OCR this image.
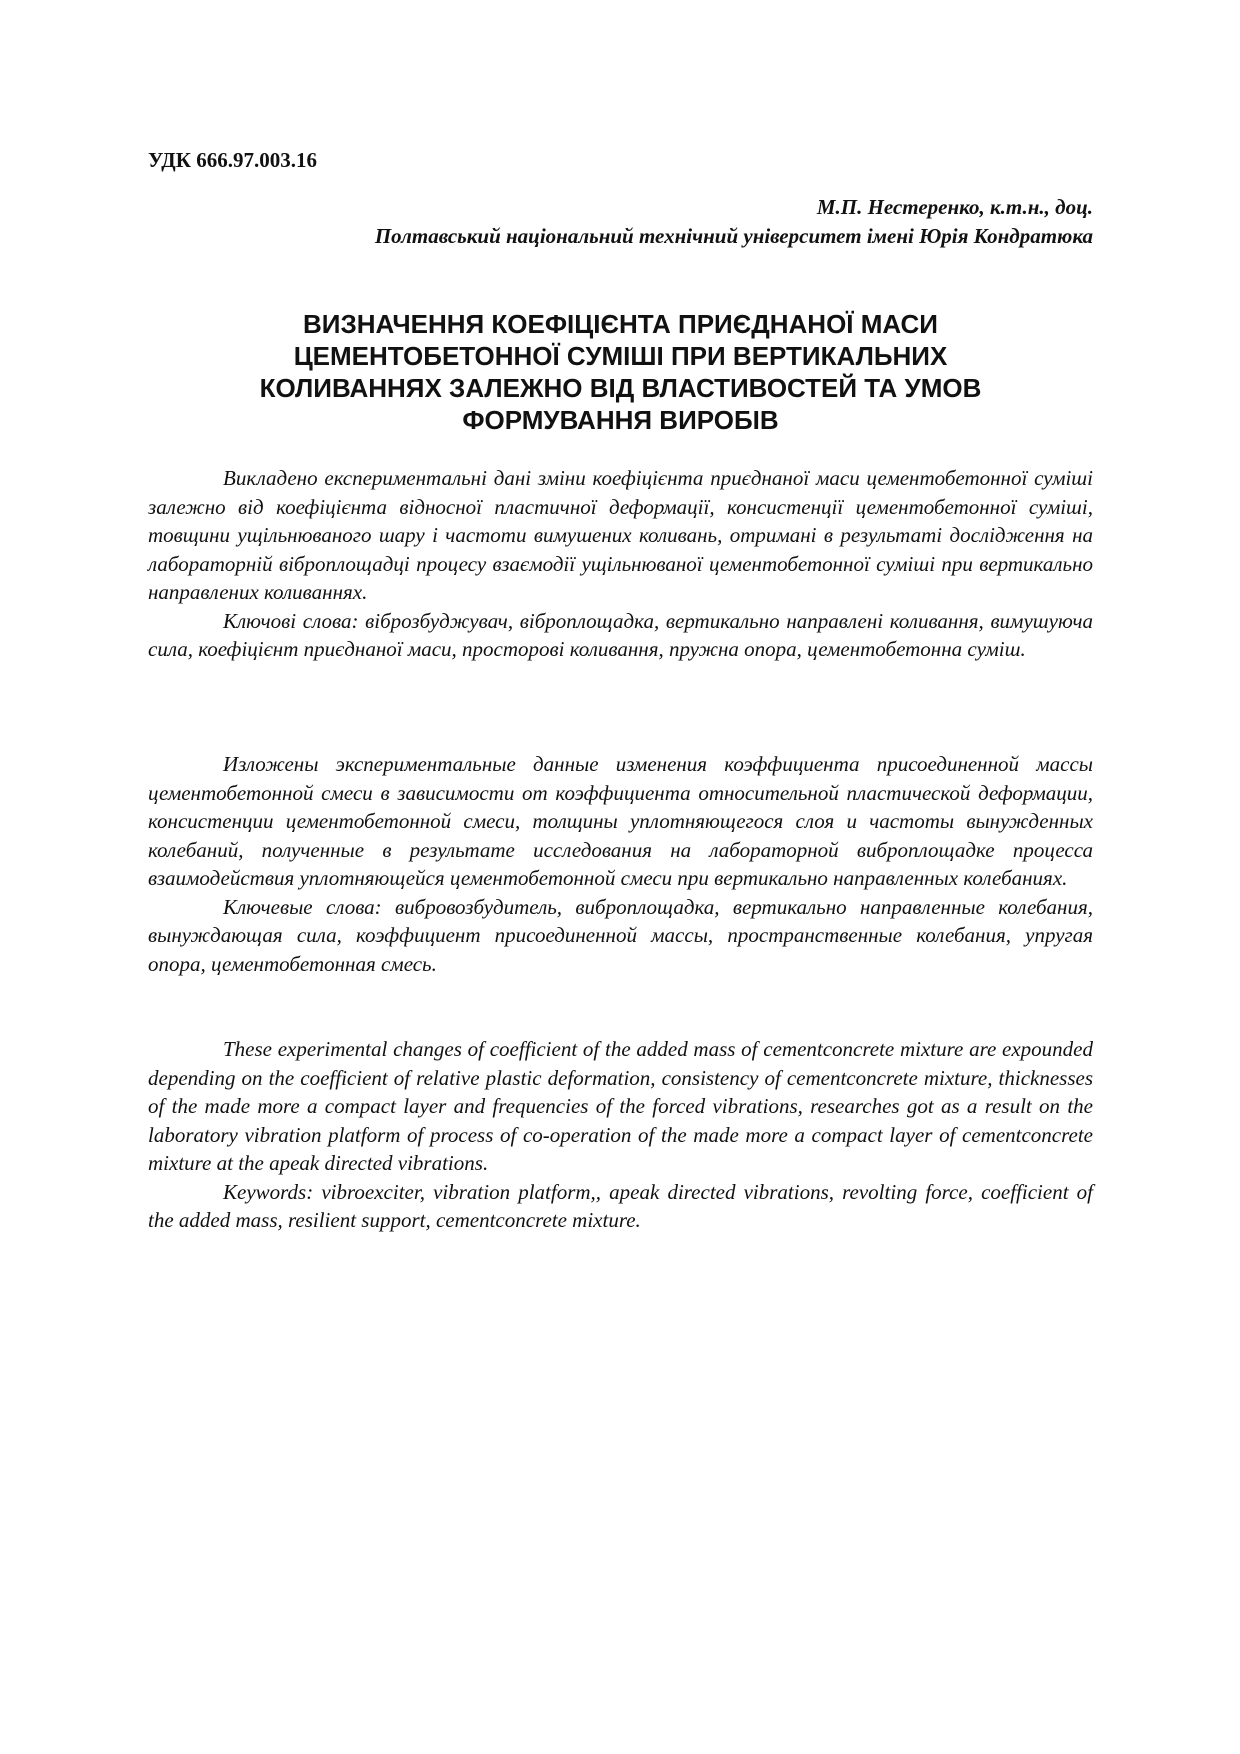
УДК 666.97.003.16
М.П. Нестеренко, к.т.н., доц.
Полтавський національний технічний університет імені Юрія Кондратюка
ВИЗНАЧЕННЯ КОЕФІЦІЄНТА ПРИЄДНАНОЇ МАСИ
ЦЕМЕНТОБЕТОННОЇ СУМІШІ ПРИ ВЕРТИКАЛЬНИХ
КОЛИВАННЯХ ЗАЛЕЖНО ВІД ВЛАСТИВОСТЕЙ ТА УМОВ
ФОРМУВАННЯ ВИРОБІВ

Викладено експериментальні дані зміни коефіцієнта приєднаної маси цементобетонної суміші залежно від коефіцієнта відносної пластичної деформації, консистенції цементобетонної суміші, товщини ущільнюваного шару і частоти вимушених коливань, отримані в результаті дослідження на лабораторній віброплощадці процесу взаємодії ущільнюваної цементобетонної суміші при вертикально направлених коливаннях.

Ключові слова: віброзбуджувач, віброплощадка, вертикально направлені коливання, вимушуюча сила, коефіцієнт приєднаної маси, просторові коливання, пружна опора, цементобетонна суміш.

Изложены экспериментальные данные изменения коэффициента присоединенной массы цементобетонной смеси в зависимости от коэффициента относительной пластической деформации, консистенции цементобетонной смеси, толщины уплотняющегося слоя и частоты вынужденных колебаний, полученные в результате исследования на лабораторной виброплощадке процесса взаимодействия уплотняющейся цементобетонной смеси при вертикально направленных колебаниях.

Ключевые слова: вибровозбудитель, виброплощадка, вертикально направленные колебания, вынуждающая сила, коэффициент присоединенной массы, пространственные колебания, упругая опора, цементобетонная смесь.

These experimental changes of coefficient of the added mass of cementconcrete mixture are expounded depending on the coefficient of relative plastic deformation, consistency of cementconcrete mixture, thicknesses of the made more a compact layer and frequencies of the forced vibrations, researches got as a result on the laboratory vibration platform of process of co-operation of the made more a compact layer of cementconcrete mixture at the apeak directed vibrations.

Keywords: vibroexciter, vibration platform,, apeak directed vibrations, revolting force, coefficient of the added mass, resilient support, cementconcrete mixture.
